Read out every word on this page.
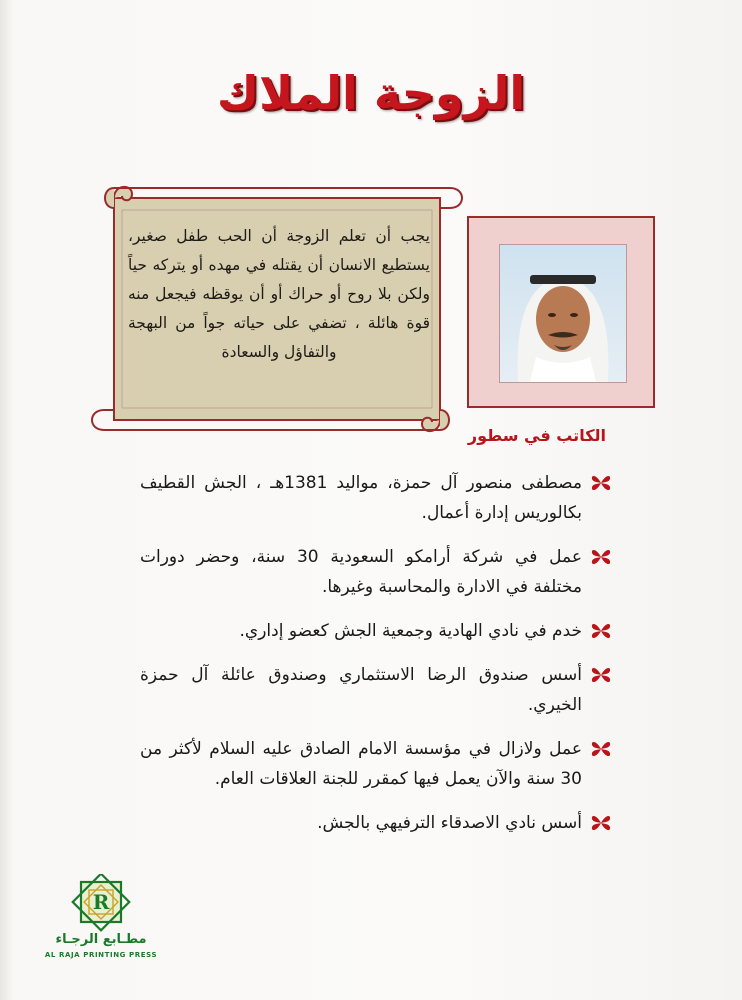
الزوجة الملاك
يجب أن تعلم الزوجة أن الحب طفل صغير، يستطيع الانسان أن يقتله في مهده أو يتركه حياً ولكن بلا روح أو حراك أو أن يوقظه فيجعل منه قوة هائلة ، تضفي على حياته جواً من البهجة والتفاؤل والسعادة
الكاتب في سطور
مصطفى منصور آل حمزة، مواليد 1381هـ ، الجش القطيف بكالوريس إدارة أعمال.
عمل في شركة أرامكو السعودية 30 سنة، وحضر دورات مختلفة في الادارة والمحاسبة وغيرها.
خدم في نادي الهادية وجمعية الجش كعضو إداري.
أسس صندوق الرضا الاستثماري وصندوق عائلة آل حمزة الخيري.
عمل ولازال في مؤسسة الامام الصادق عليه السلام لأكثر من 30 سنة والآن يعمل فيها كمقرر للجنة العلاقات العام.
أسس نادي الاصدقاء الترفيهي بالجش.
R
مطـابع الرجـاء
AL RAJA PRINTING PRESS
